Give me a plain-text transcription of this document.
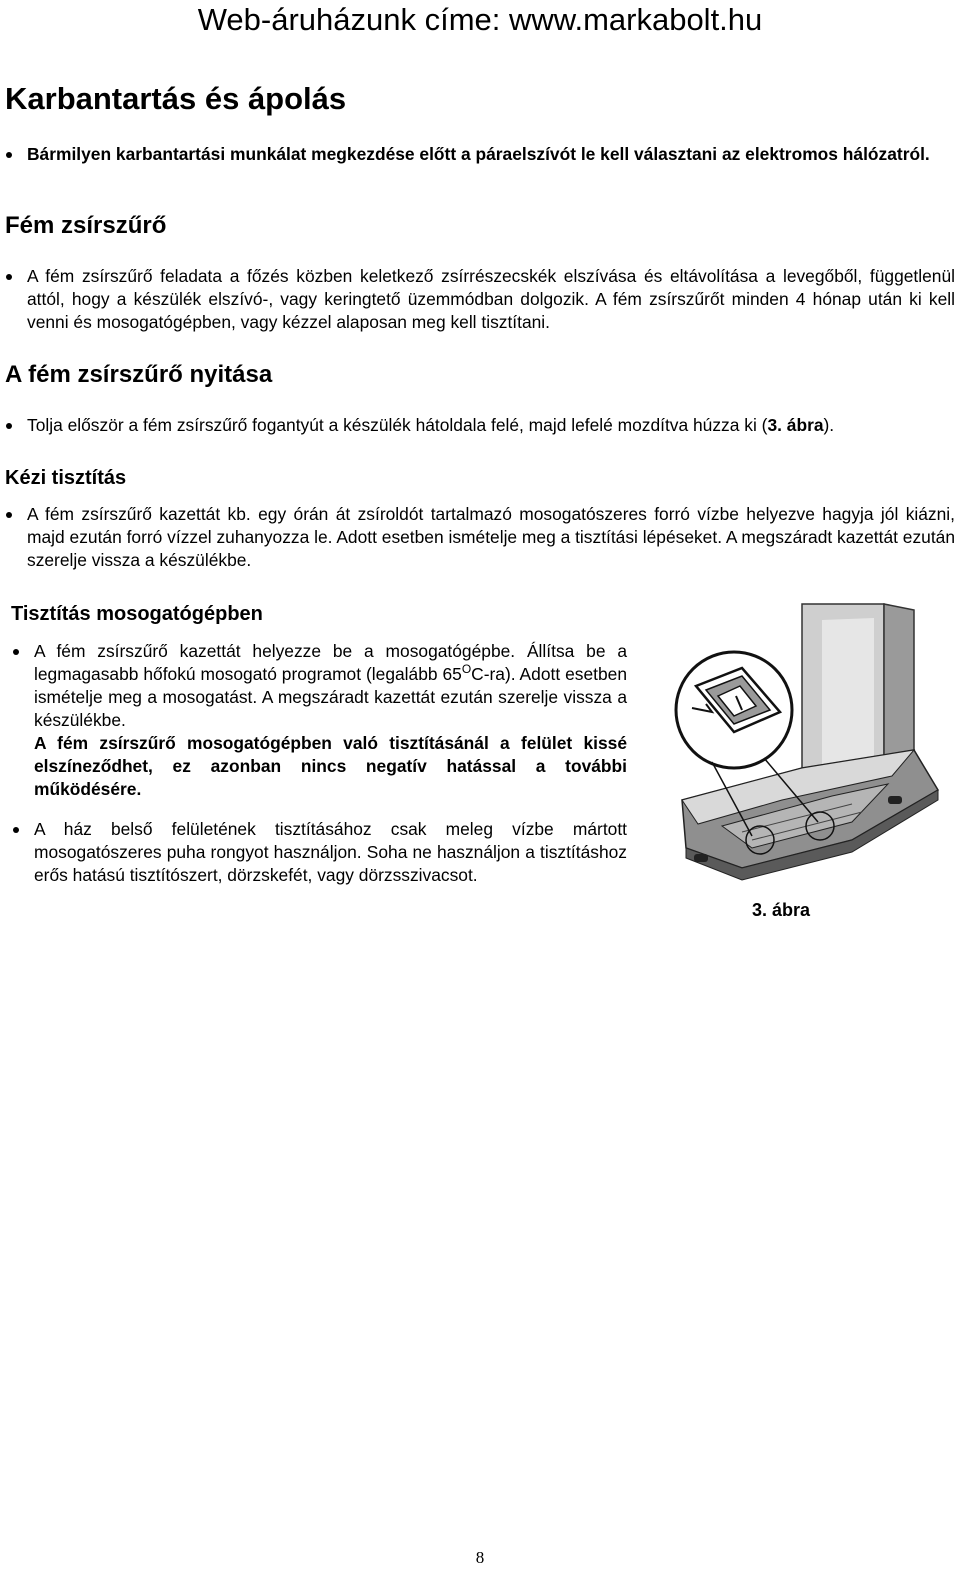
Web-áruházunk címe: www.markabolt.hu
Karbantartás és ápolás
Bármilyen karbantartási munkálat megkezdése előtt a páraelszívót le kell választani az elektromos hálózatról.
Fém zsírszűrő
A fém zsírszűrő feladata a főzés közben keletkező zsírrészecskék elszívása és eltávolítása a levegőből, függetlenül attól, hogy a készülék elszívó-, vagy keringtető üzemmódban dolgozik. A fém zsírszűrőt minden 4 hónap után ki kell venni és mosogatógépben, vagy kézzel alaposan meg kell tisztítani.
A fém zsírszűrő nyitása
Tolja először a fém zsírszűrő fogantyút a készülék hátoldala felé, majd lefelé mozdítva húzza ki (3. ábra).
Kézi tisztítás
A fém zsírszűrő kazettát kb. egy órán át zsíroldót tartalmazó mosogatószeres forró vízbe helyezve hagyja jól kiázni, majd ezután forró vízzel zuhanyozza le. Adott esetben ismételje meg a tisztítási lépéseket. A megszáradt kazettát ezután szerelje vissza a készülékbe.
Tisztítás mosogatógépben
A fém zsírszűrő kazettát helyezze be a mosogatógépbe. Állítsa be a legmagasabb hőfokú mosogató programot (legalább $65^OC-ra$). Adott esetben ismételje meg a mosogatást. A megszáradt kazettát ezután szerelje vissza a készülékbe.
A fém zsírszűrő mosogatógépben való tisztításánál a felület kissé elszíneződhet, ez azonban nincs negatív hatással a további működésére.
A ház belső felületének tisztításához csak meleg vízbe mártott mosogatószeres puha rongyot használjon. Soha ne használjon a tisztításhoz erős hatású tisztítószert, dörzskefét, vagy dörzsszivacsot.
3. ábra
8
